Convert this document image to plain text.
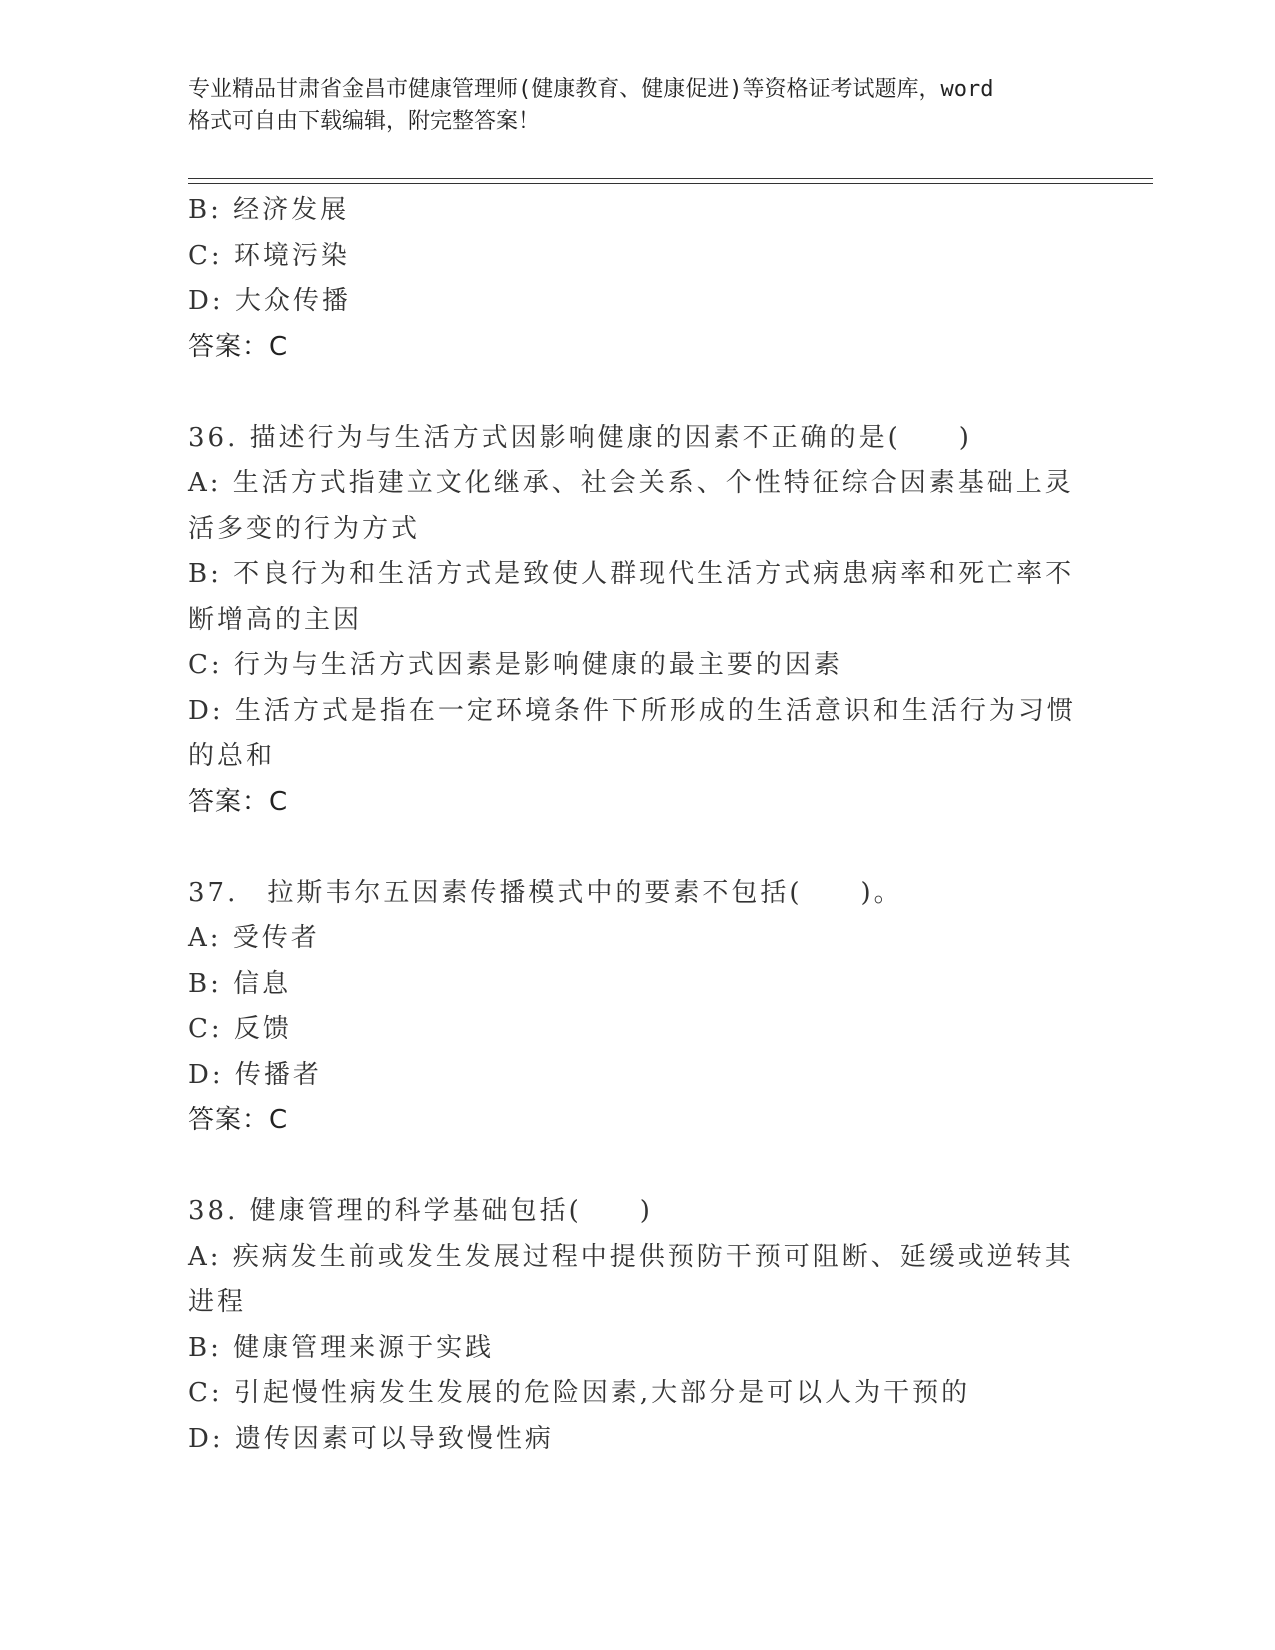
专业精品甘肃省金昌市健康管理师(健康教育、健康促进)等资格证考试题库，word
格式可自由下载编辑，附完整答案！
B: 经济发展
C: 环境污染
D: 大众传播
答案：C
36. 描述行为与生活方式因影响健康的因素不正确的是(　　)
A: 生活方式指建立文化继承、社会关系、个性特征综合因素基础上灵
活多变的行为方式
B: 不良行为和生活方式是致使人群现代生活方式病患病率和死亡率不
断增高的主因
C: 行为与生活方式因素是影响健康的最主要的因素
D: 生活方式是指在一定环境条件下所形成的生活意识和生活行为习惯
的总和
答案：C
37.　拉斯韦尔五因素传播模式中的要素不包括(　　)。
A: 受传者
B: 信息
C: 反馈
D: 传播者
答案：C
38. 健康管理的科学基础包括(　　)
A: 疾病发生前或发生发展过程中提供预防干预可阻断、延缓或逆转其
进程
B: 健康管理来源于实践
C: 引起慢性病发生发展的危险因素,大部分是可以人为干预的
D: 遗传因素可以导致慢性病
